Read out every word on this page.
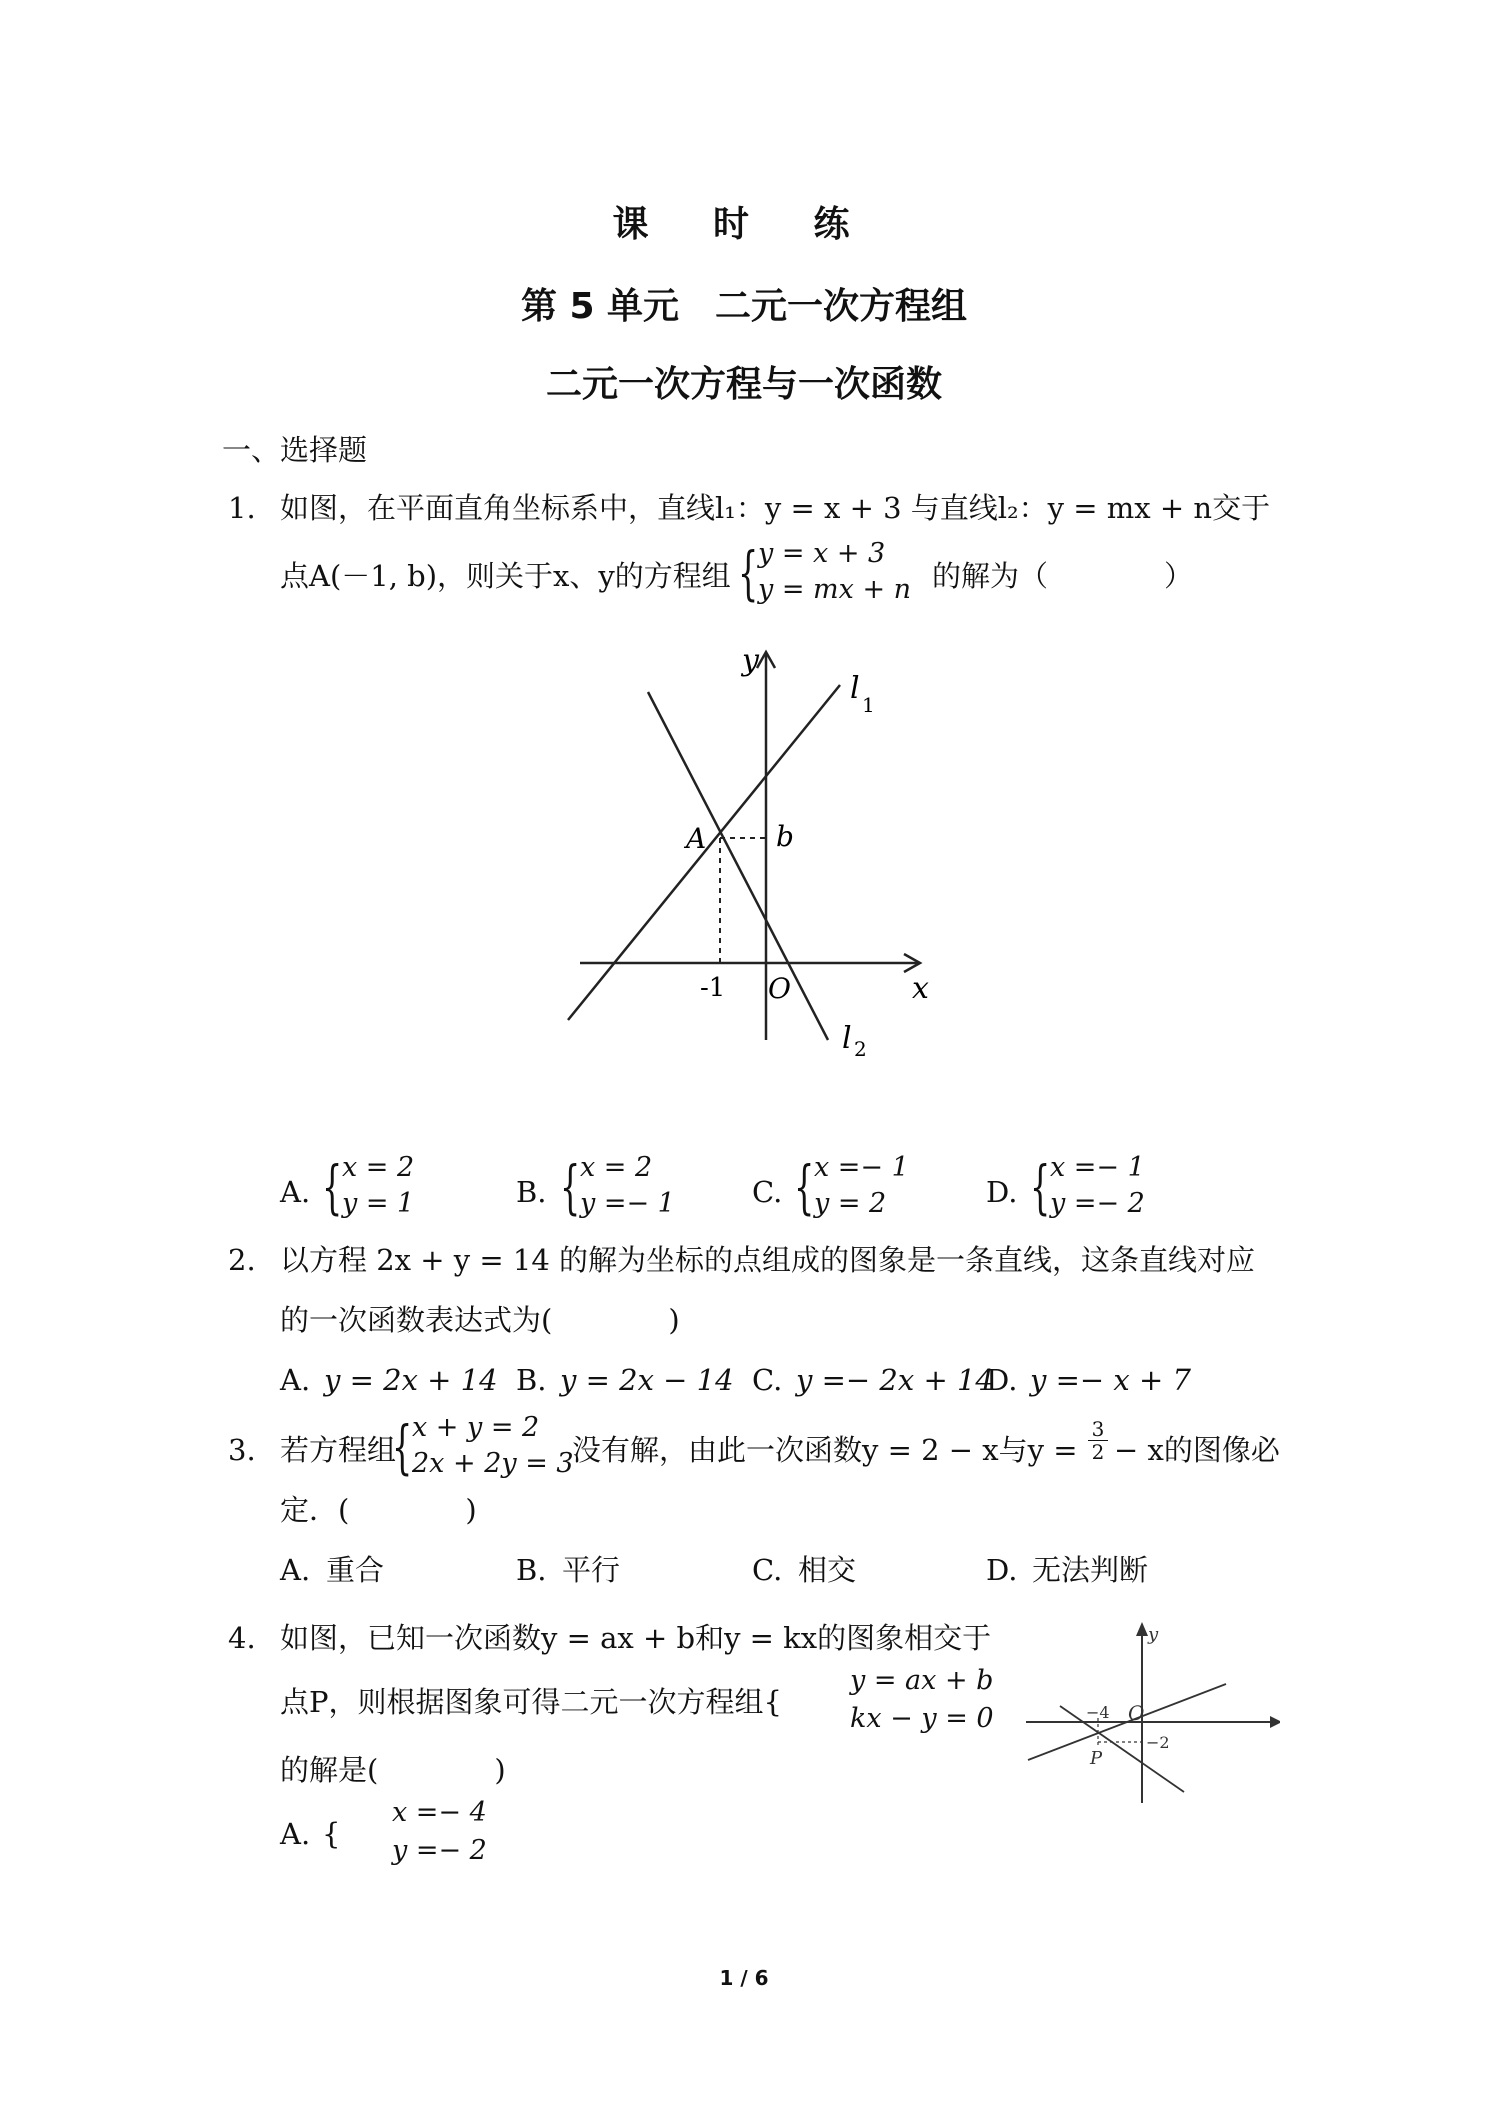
课 时 练
第 5 单元　二元一次方程组
二元一次方程与一次函数
一、选择题
1. 如图，在平面直角坐标系中，直线l₁：y = x + 3 与直线l₂：y = mx + n交于
点A(－1, b)，则关于x、y的方程组 { y = x + 3
y = mx + n 的解为（　　　　）
y
x
l 1
l 2
A b
-1 O
A. { x = 2
y = 1	B. { x = 2
y =− 1	C. { x =− 1
y = 2	D. { x =− 1
y =− 2
2. 以方程 2x + y = 14 的解为坐标的点组成的图象是一条直线，这条直线对应
的一次函数表达式为(　　　　)
A. y = 2x + 14 B. y = 2x − 14 C. y =− 2x + 14
D. y =− x + 7
3. 若方程组
{ x + y = 2
2x + 2y = 3
没有解，由此一次函数y = 2 − x与y =
3
2 − x的图像必
定．(　　　　)
A. 重合	B. 平行	C. 相交	D. 无法判断
4. 如图，已知一次函数y = ax + b和y = kx的图象相交于
点P，则根据图象可得二元一次方程组{
y = ax + b
kx − y = 0
的解是(　　　　)
y
−4 O
−2
P
A. {
x =− 4
y =− 2
1 / 6
